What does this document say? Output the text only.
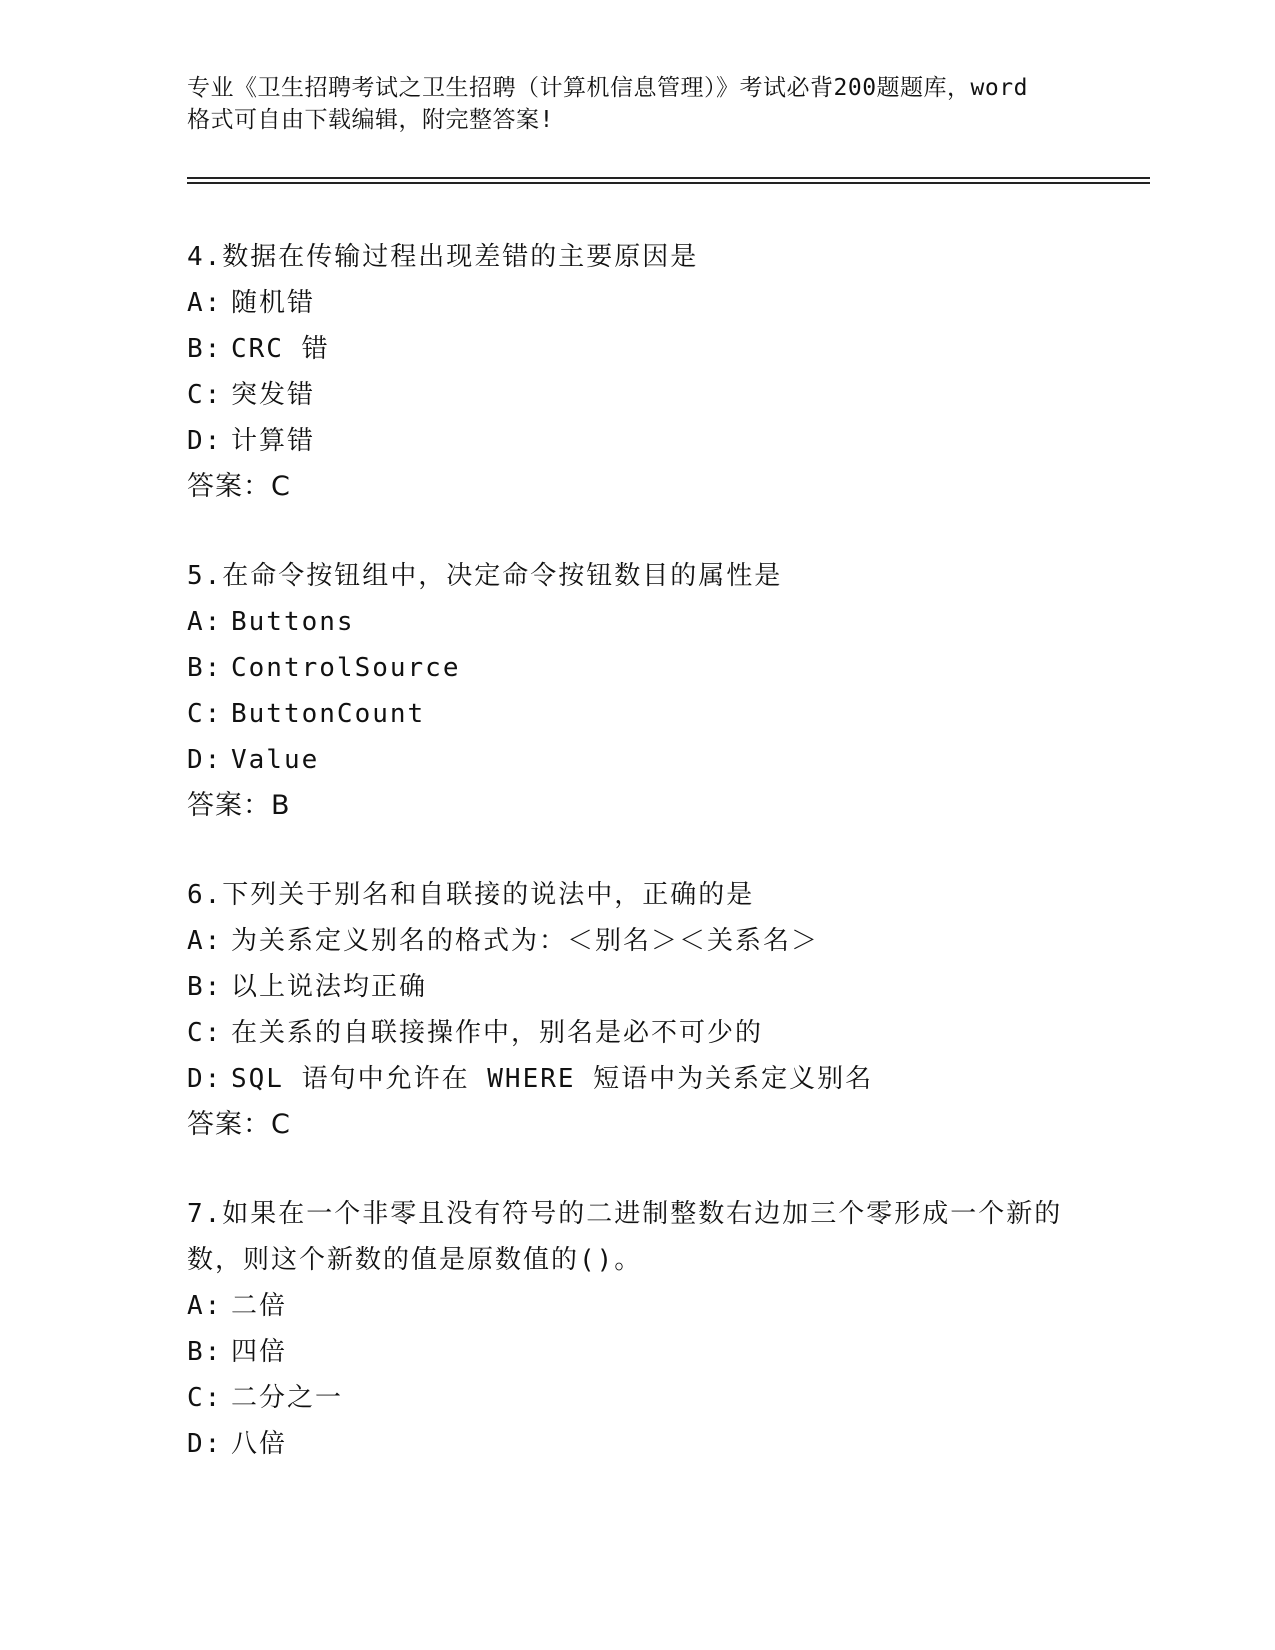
专业《卫生招聘考试之卫生招聘（计算机信息管理）》考试必背200题题库，word
格式可自由下载编辑，附完整答案!
4.数据在传输过程出现差错的主要原因是
A: 随机错
B: CRC 错
C: 突发错
D: 计算错
答案：C
5.在命令按钮组中，决定命令按钮数目的属性是
A: Buttons
B: ControlSource
C: ButtonCount
D: Value
答案：B
6.下列关于别名和自联接的说法中，正确的是
A: 为关系定义别名的格式为：＜别名＞＜关系名＞
B: 以上说法均正确
C: 在关系的自联接操作中，别名是必不可少的
D: SQL 语句中允许在 WHERE 短语中为关系定义别名
答案：C
7.如果在一个非零且没有符号的二进制整数右边加三个零形成一个新的数，则这个新数的值是原数值的()。
A: 二倍
B: 四倍
C: 二分之一
D: 八倍
